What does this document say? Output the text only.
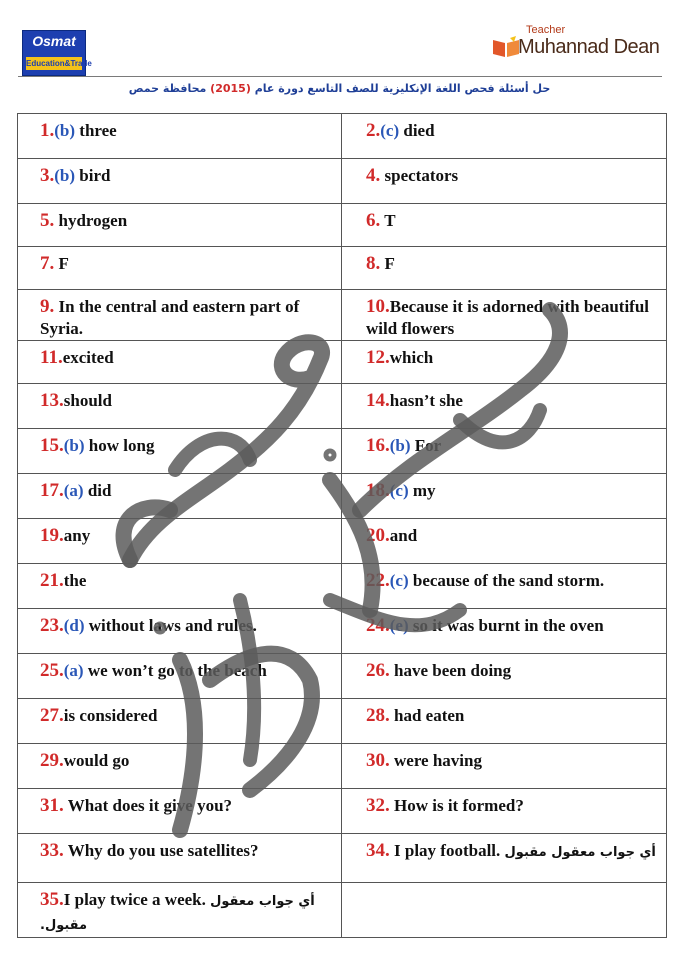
Osmat
Education&Trade
Teacher
Muhannad Dean
حل أسئلة فحص اللغة الإنكليزية للصف التاسع دورة عام (2015) محافظة حمص
1.(b) three	2.(c) died

3.(b) bird	4. spectators

5. hydrogen	6. T

7. F	8. F

9. In the central and eastern part of Syria.	10.Because it is adorned with beautiful wild flowers

11.excited	12.which

13.should	14.hasn’t she

15.(b) how long	16.(b) For

17.(a) did	18.(c) my

19.any	20.and

21.the	22.(c) because of the sand storm.

23.(d) without laws and rules.	24.(e) so it was burnt in the oven

25.(a) we won’t go to the beach	26. have been doing

27.is considered	28. had eaten

29.would go	30. were having

31. What does it give you?	32. How is it formed?

33. Why do you use satellites?	34. I play football. أي جواب معقول مقبول

35.I play twice a week. أي جواب معقول مقبول.	
